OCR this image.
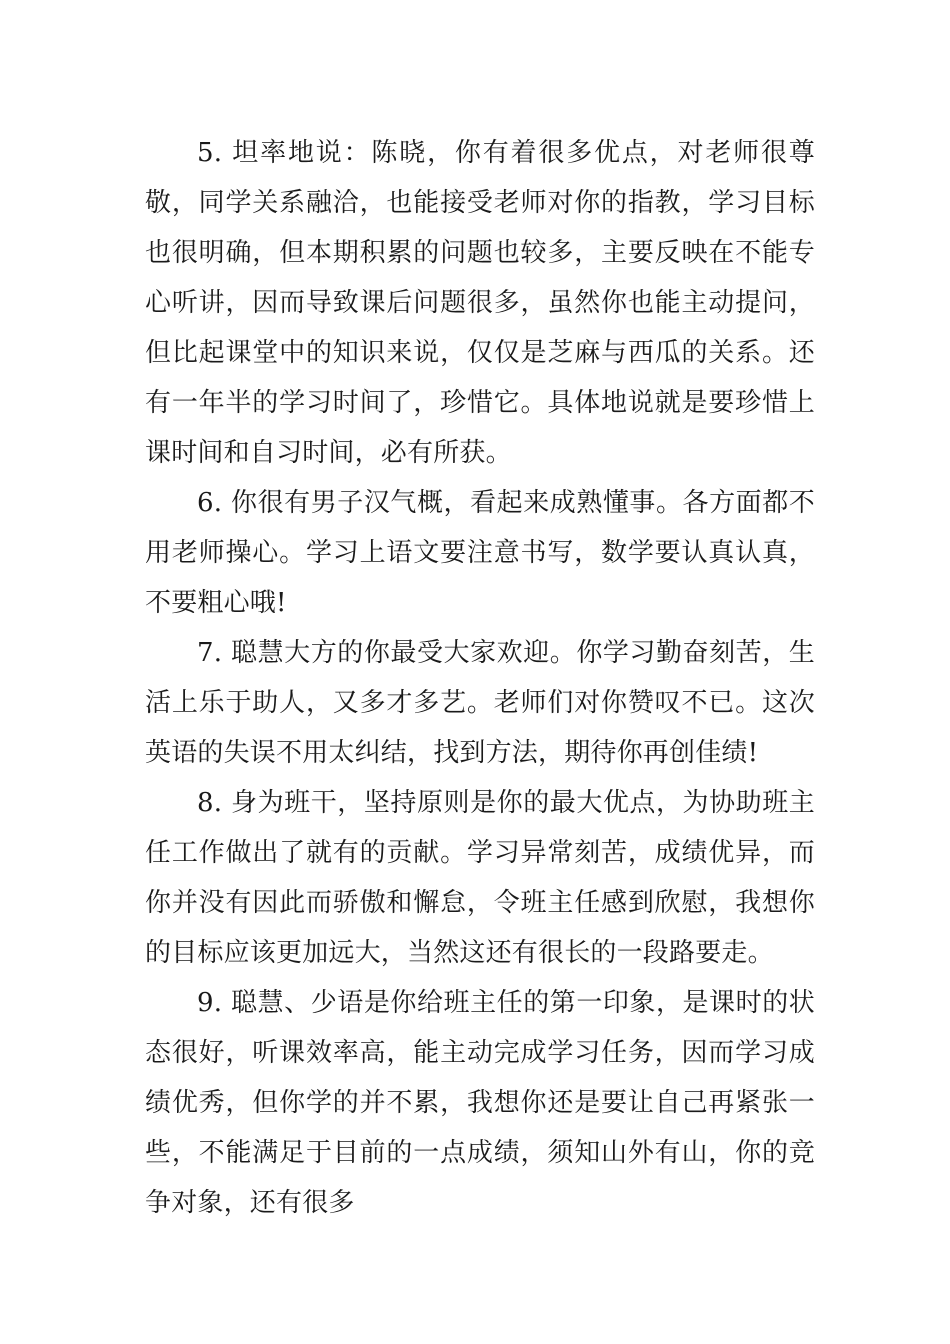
5. 坦率地说：陈晓，你有着很多优点，对老师很尊敬，同学关系融洽，也能接受老师对你的指教，学习目标也很明确，但本期积累的问题也较多，主要反映在不能专心听讲，因而导致课后问题很多，虽然你也能主动提问，但比起课堂中的知识来说，仅仅是芝麻与西瓜的关系。还有一年半的学习时间了，珍惜它。具体地说就是要珍惜上课时间和自习时间，必有所获。

6. 你很有男子汉气概，看起来成熟懂事。各方面都不用老师操心。学习上语文要注意书写，数学要认真认真，不要粗心哦!

7. 聪慧大方的你最受大家欢迎。你学习勤奋刻苦，生活上乐于助人，又多才多艺。老师们对你赞叹不已。这次英语的失误不用太纠结，找到方法，期待你再创佳绩!

8. 身为班干，坚持原则是你的最大优点，为协助班主任工作做出了就有的贡献。学习异常刻苦，成绩优异，而你并没有因此而骄傲和懈怠，令班主任感到欣慰，我想你的目标应该更加远大，当然这还有很长的一段路要走。

9. 聪慧、少语是你给班主任的第一印象，是课时的状态很好，听课效率高，能主动完成学习任务，因而学习成绩优秀，但你学的并不累，我想你还是要让自己再紧张一些，不能满足于目前的一点成绩，须知山外有山，你的竞争对象，还有很多
